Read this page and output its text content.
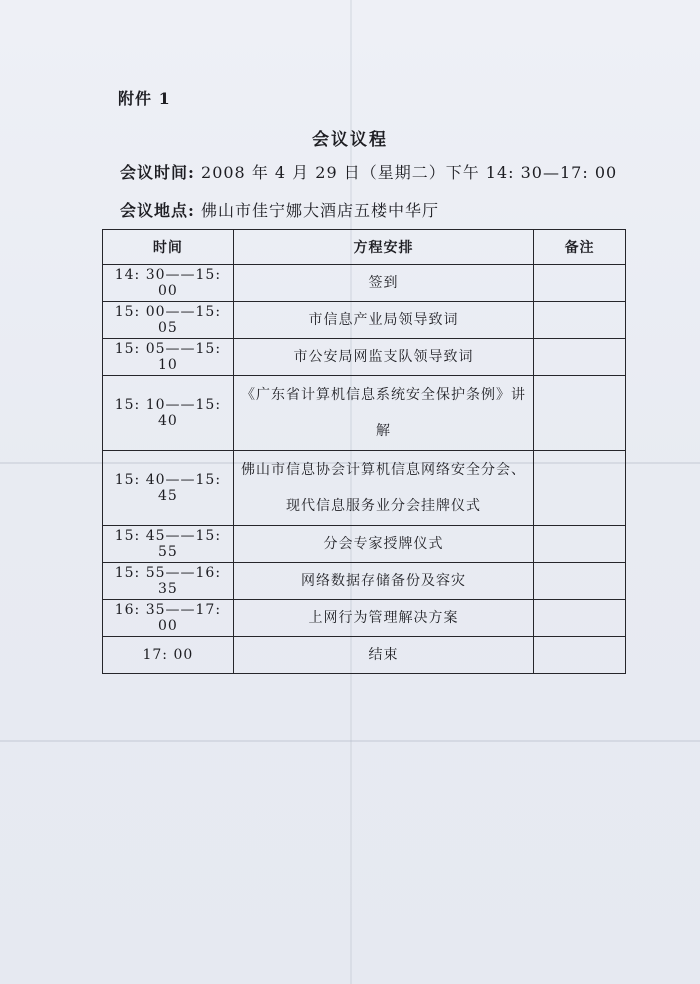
附件 1
会议议程
会议时间: 2008 年 4 月 29 日（星期二）下午 14: 30—17: 00
会议地点: 佛山市佳宁娜大酒店五楼中华厅
时间	方程安排	备注
14: 30——15: 00	签到	
15: 00——15: 05	市信息产业局领导致词	
15: 05——15: 10	市公安局网监支队领导致词	
15: 10——15: 40	《广东省计算机信息系统安全保护条例》讲解	
15: 40——15: 45	佛山市信息协会计算机信息网络安全分会、现代信息服务业分会挂牌仪式	
15: 45——15: 55	分会专家授牌仪式	
15: 55——16: 35	网络数据存储备份及容灾	
16: 35——17: 00	上网行为管理解决方案	
17: 00	结束	
